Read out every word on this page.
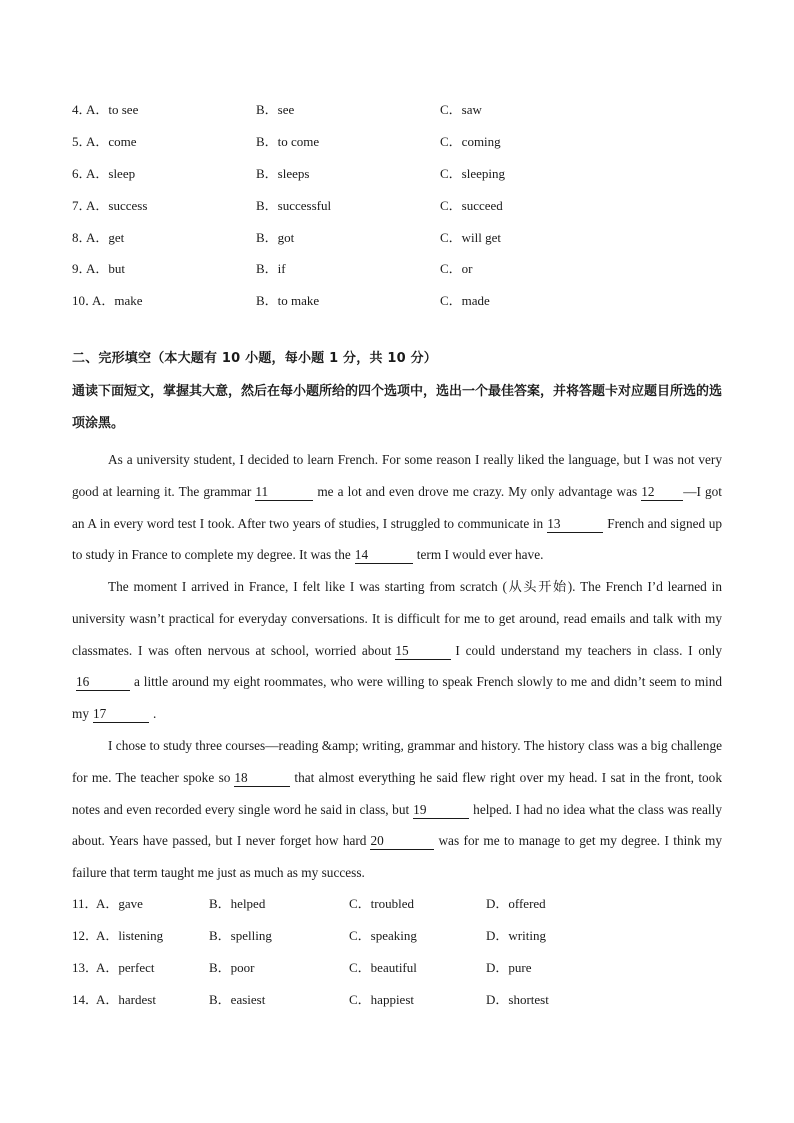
4．
A．to see	B．see	C．saw
5．
A．come	B．to come	C．coming
6．
A．sleep	B．sleeps	C．sleeping
7．
A．success	B．successful	C．succeed
8．
A．get	B．got	C．will get
9．
A．but	B．if	C．or
10．
A．make	B．to make	C．made
二、完形填空（本大题有 10 小题，每小题 1 分，共 10 分）
通读下面短文，掌握其大意，然后在每小题所给的四个选项中，选出一个最佳答案，并将答题卡对应题目所选的选项涂黑。
As a university student, I decided to learn French. For some reason I really liked the language, but I was not very good at learning it. The grammar 11	me a lot and even drove me crazy. My only advantage was 12 —I got an A in every word test I took. After two years of studies, I struggled to communicate in 13	French and signed up to study in France to complete my degree. It was the 14	term I would ever have.
The moment I arrived in France, I felt like I was starting from scratch (从头开始). The French I’d learned in university wasn’t practical for everyday conversations. It is difficult for me to get around, read emails and talk with my classmates. I was often nervous at school, worried about 15	I could understand my teachers in class. I only16	a little around my eight roommates, who were willing to speak French slowly to me and didn’t seem to mind my 17	.
I chose to study three courses—reading &amp; writing, grammar and history. The history class was a big challenge for me. The teacher spoke so 18	that almost everything he said flew right over my head. I sat in the front, took notes and even recorded every single word he said in class, but 19	helped. I had no idea what the class was really about. Years have passed, but I never forget how hard 20	was for me to manage to get my degree. I think my failure that term taught me just as much as my success.
11．
A．gave	B．helped	C．troubled	D．offered
12．
A．listening	B．spelling	C．speaking	D．writing
13．
A．perfect	B．poor	C．beautiful	D．pure
14．
A．hardest	B．easiest	C．happiest	D．shortest
